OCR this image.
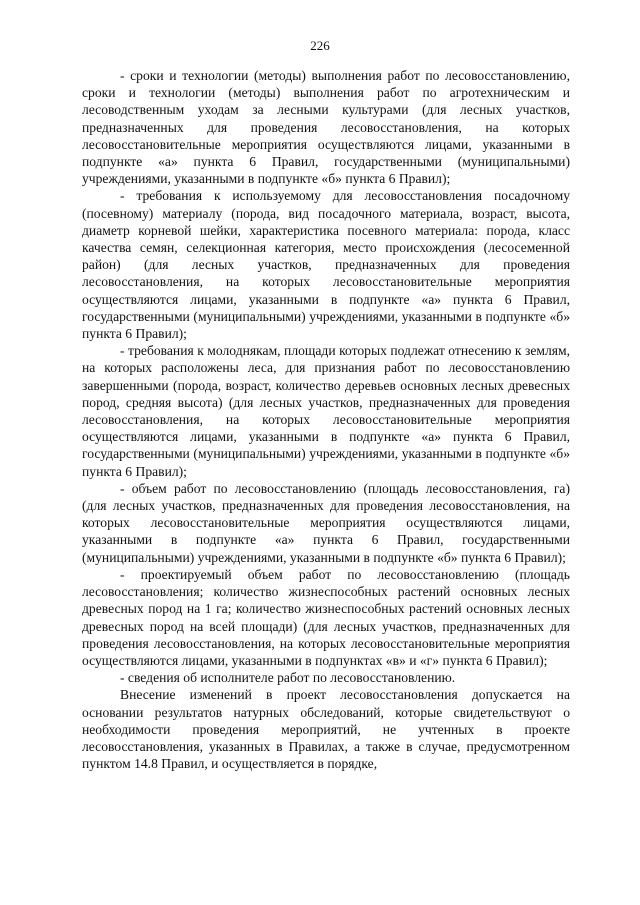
226

- сроки и технологии (методы) выполнения работ по лесовосстановлению, сроки и технологии (методы) выполнения работ по агротехническим и лесоводственным уходам за лесными культурами (для лесных участков, предназначенных для проведения лесовосстановления, на которых лесовосстановительные мероприятия осуществляются лицами, указанными в подпункте «а» пункта 6 Правил, государственными (муниципальными) учреждениями, указанными в подпункте «б» пункта 6 Правил);

- требования к используемому для лесовосстановления посадочному (посевному) материалу (порода, вид посадочного материала, возраст, высота, диаметр корневой шейки, характеристика посевного материала: порода, класс качества семян, селекционная категория, место происхождения (лесосеменной район) (для лесных участков, предназначенных для проведения лесовосстановления, на которых лесовосстановительные мероприятия осуществляются лицами, указанными в подпункте «а» пункта 6 Правил, государственными (муниципальными) учреждениями, указанными в подпункте «б» пункта 6 Правил);

- требования к молоднякам, площади которых подлежат отнесению к землям, на которых расположены леса, для признания работ по лесовосстановлению завершенными (порода, возраст, количество деревьев основных лесных древесных пород, средняя высота) (для лесных участков, предназначенных для проведения лесовосстановления, на которых лесовосстановительные мероприятия осуществляются лицами, указанными в подпункте «а» пункта 6 Правил, государственными (муниципальными) учреждениями, указанными в подпункте «б» пункта 6 Правил);

- объем работ по лесовосстановлению (площадь лесовосстановления, га) (для лесных участков, предназначенных для проведения лесовосстановления, на которых лесовосстановительные мероприятия осуществляются лицами, указанными в подпункте «а» пункта 6 Правил, государственными (муниципальными) учреждениями, указанными в подпункте «б» пункта 6 Правил);

- проектируемый объем работ по лесовосстановлению (площадь лесовосстановления; количество жизнеспособных растений основных лесных древесных пород на 1 га; количество жизнеспособных растений основных лесных древесных пород на всей площади) (для лесных участков, предназначенных для проведения лесовосстановления, на которых лесовосстановительные мероприятия осуществляются лицами, указанными в подпунктах «в» и «г» пункта 6 Правил);

- сведения об исполнителе работ по лесовосстановлению.

Внесение изменений в проект лесовосстановления допускается на основании результатов натурных обследований, которые свидетельствуют о необходимости проведения мероприятий, не учтенных в проекте лесовосстановления, указанных в Правилах, а также в случае, предусмотренном пунктом 14.8 Правил, и осуществляется в порядке,
